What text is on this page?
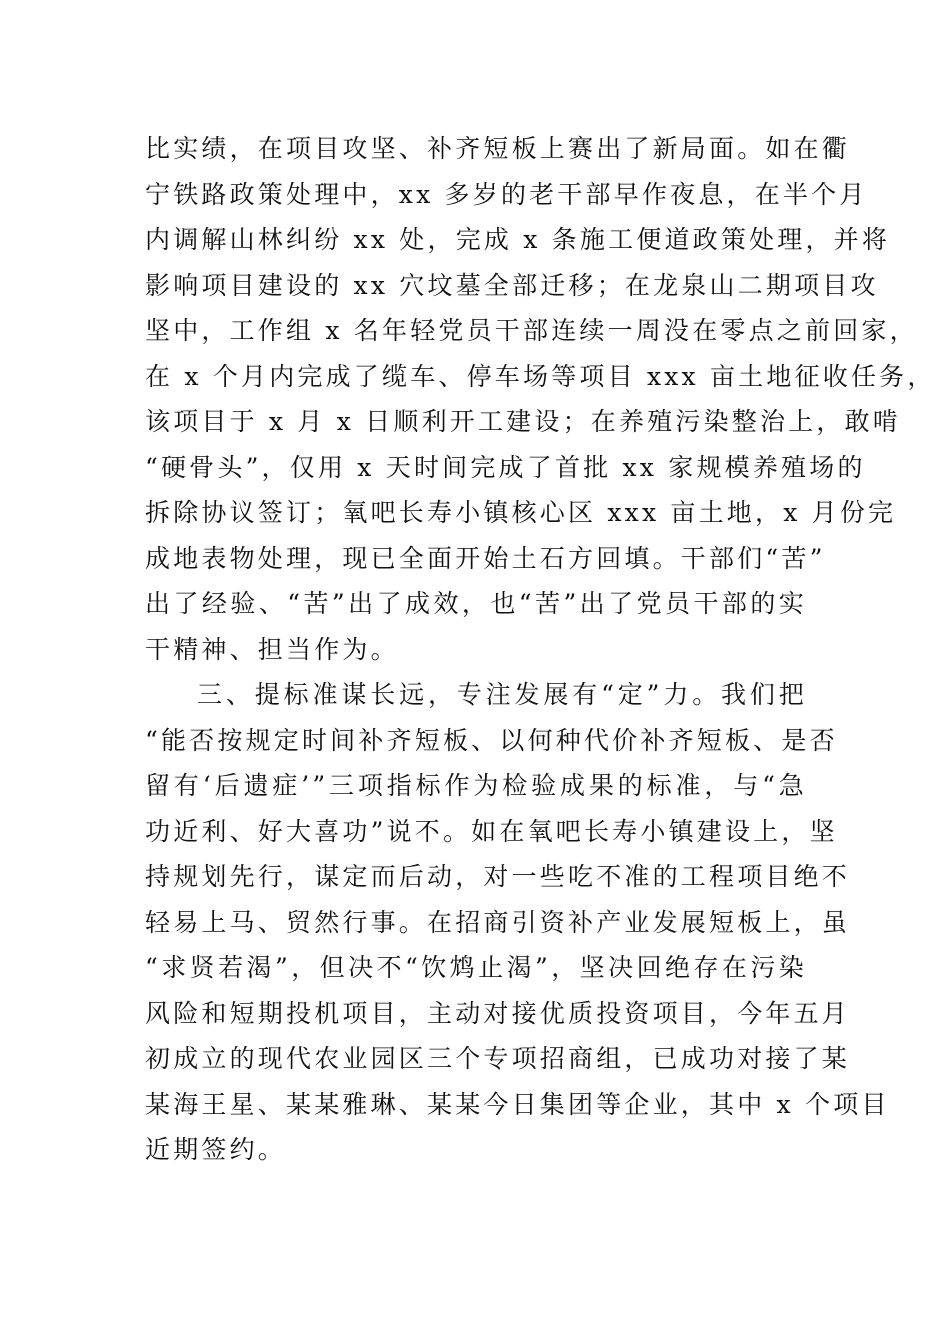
比实绩，在项目攻坚、补齐短板上赛出了新局面。如在衢
宁铁路政策处理中，xx 多岁的老干部早作夜息，在半个月
内调解山林纠纷 xx 处，完成 x 条施工便道政策处理，并将
影响项目建设的 xx 穴坟墓全部迁移；在龙泉山二期项目攻
坚中，工作组 x 名年轻党员干部连续一周没在零点之前回家，
在 x 个月内完成了缆车、停车场等项目 xxx 亩土地征收任务，
该项目于 x 月 x 日顺利开工建设；在养殖污染整治上，敢啃
“硬骨头”，仅用 x 天时间完成了首批 xx 家规模养殖场的
拆除协议签订；氧吧长寿小镇核心区 xxx 亩土地，x 月份完
成地表物处理，现已全面开始土石方回填。干部们“苦”
出了经验、“苦”出了成效，也“苦”出了党员干部的实
干精神、担当作为。
三、提标准谋长远，专注发展有“定”力。我们把
“能否按规定时间补齐短板、以何种代价补齐短板、是否
留有‘后遗症’”三项指标作为检验成果的标准，与“急
功近利、好大喜功”说不。如在氧吧长寿小镇建设上，坚
持规划先行，谋定而后动，对一些吃不准的工程项目绝不
轻易上马、贸然行事。在招商引资补产业发展短板上，虽
“求贤若渴”，但决不“饮鸩止渴”，坚决回绝存在污染
风险和短期投机项目，主动对接优质投资项目，今年五月
初成立的现代农业园区三个专项招商组，已成功对接了某
某海王星、某某雅琳、某某今日集团等企业，其中 x 个项目
近期签约。
